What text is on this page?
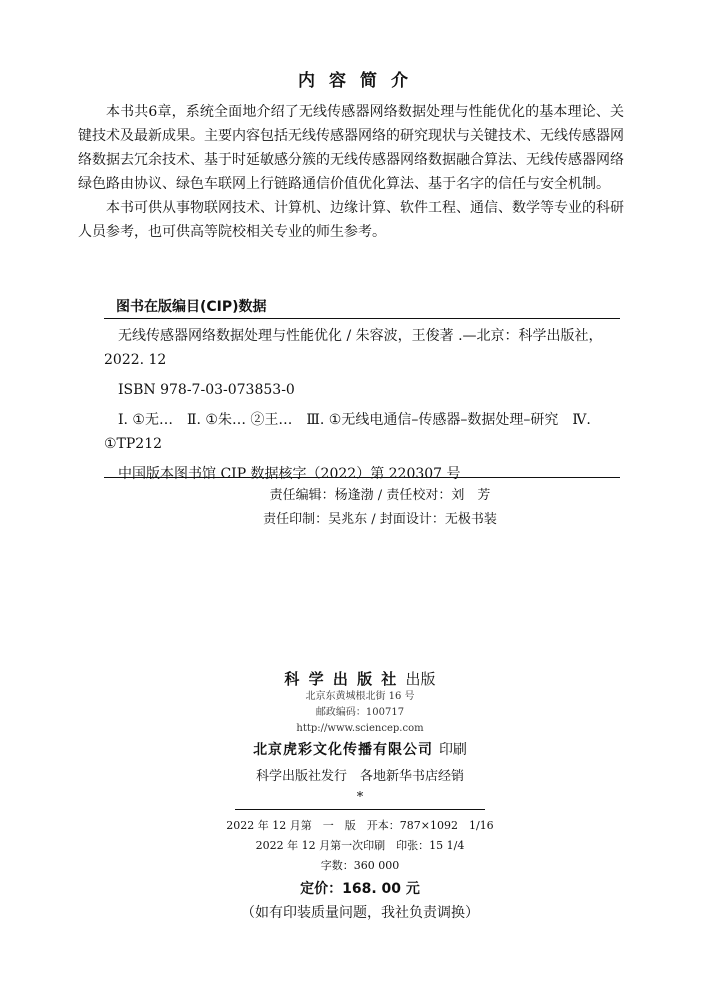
内容简介

本书共6章，系统全面地介绍了无线传感器网络数据处理与性能优化的基本理论、关键技术及最新成果。主要内容包括无线传感器网络的研究现状与关键技术、无线传感器网络数据去冗余技术、基于时延敏感分簇的无线传感器网络数据融合算法、无线传感器网络绿色路由协议、绿色车联网上行链路通信价值优化算法、基于名字的信任与安全机制。

本书可供从事物联网技术、计算机、边缘计算、软件工程、通信、数学等专业的科研人员参考，也可供高等院校相关专业的师生参考。

图书在版编目(CIP)数据

无线传感器网络数据处理与性能优化 / 朱容波，王俊著 .—北京：科学出版社，2022. 12

ISBN 978-7-03-073853-0

Ⅰ. ①无…　Ⅱ. ①朱… ②王…　Ⅲ. ①无线电通信–传感器–数据处理–研究　Ⅳ. ①TP212

中国版本图书馆 CIP 数据核字（2022）第 220307 号

责任编辑：杨逢渤 / 责任校对：刘　芳
责任印制：吴兆东 / 封面设计：无极书装
科 学 出 版 社 出版
北京东黄城根北街 16 号
邮政编码：100717
http://www.sciencep.com
北京虎彩文化传播有限公司 印刷
科学出版社发行　各地新华书店经销
*
2022 年 12 月第　一　版　开本：787×1092　1/16
2022 年 12 月第一次印刷　印张：15 1/4
字数：360 000
定价：168. 00 元
（如有印装质量问题，我社负责调换）
